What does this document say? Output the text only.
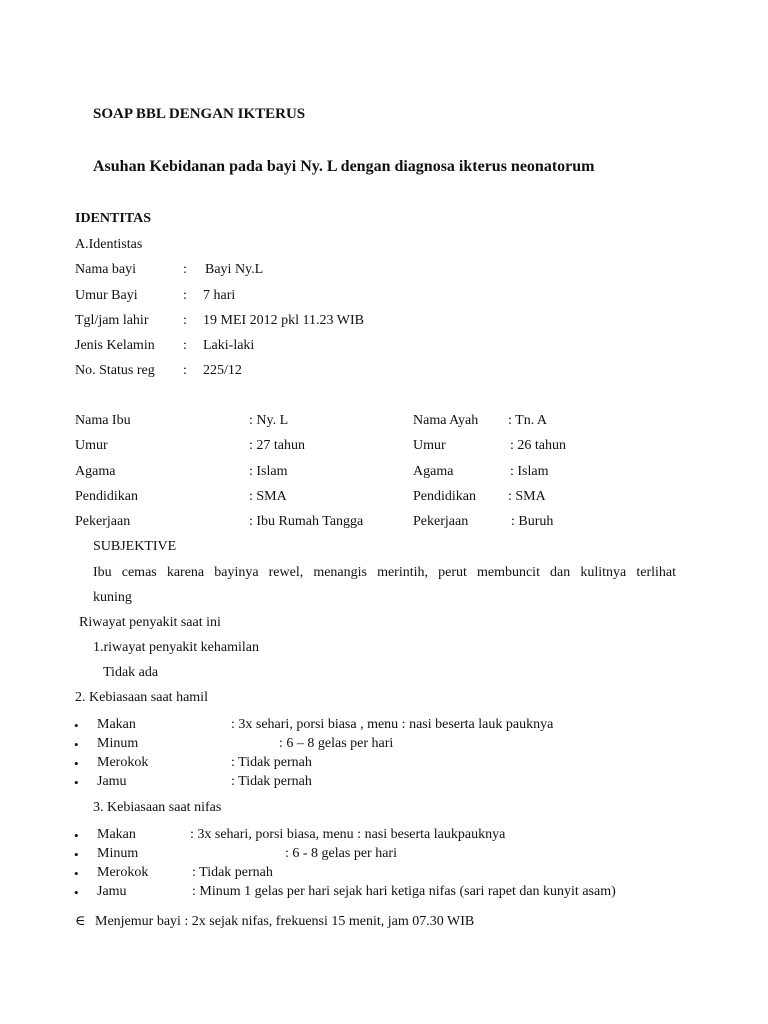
SOAP BBL DENGAN IKTERUS
Asuhan Kebidanan pada bayi Ny. L dengan diagnosa ikterus neonatorum
IDENTITAS
A.Identistas
Nama bayi	: Bayi Ny.L
Umur Bayi	: 7 hari
Tgl/jam lahir : 19 MEI 2012 pkl 11.23 WIB
Jenis Kelamin : Laki-laki
No. Status reg : 225/12
Nama Ibu	: Ny. L	Nama Ayah : Tn. A
Umur	: 27 tahun	Umur	: 26 tahun
Agama	: Islam	Agama	: Islam
Pendidikan	: SMA	Pendidikan : SMA
Pekerjaan	: Ibu Rumah Tangga	Pekerjaan	: Buruh
SUBJEKTIVE
Ibu cemas karena bayinya rewel, menangis merintih, perut membuncit dan kulitnya terlihat
kuning
Riwayat penyakit saat ini
1.riwayat penyakit kehamilan
Tidak ada
2. Kebiasaan saat hamil
• Makan	: 3x sehari, porsi biasa , menu : nasi beserta lauk pauknya
• Minum	: 6 – 8 gelas per hari
• Merokok	: Tidak pernah
• Jamu	: Tidak pernah
3. Kebiasaan saat nifas
• Makan	: 3x sehari, porsi biasa, menu : nasi beserta laukpauknya
• Minum	: 6 - 8 gelas per hari
• Merokok	: Tidak pernah
• Jamu	: Minum 1 gelas per hari sejak hari ketiga nifas (sari rapet dan kunyit asam)
∈ Menjemur bayi : 2x sejak nifas, frekuensi 15 menit, jam 07.30 WIB
